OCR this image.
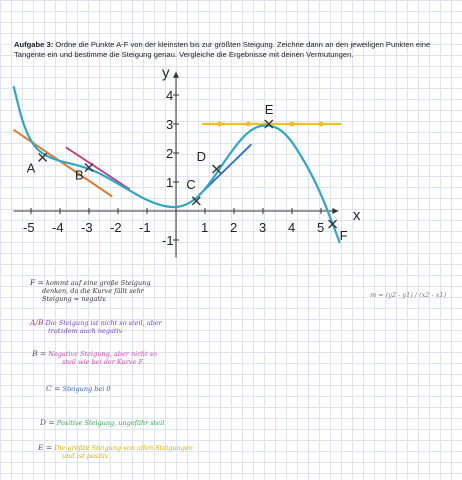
Aufgabe 3: Ordne die Punkte A-F von der kleinsten bis zur größten Steigung. Zeichne dann an den jeweiligen Punkten eine Tangente ein und bestimme die Steigung genau. Vergleiche die Ergebnisse mit deinen Vermutungen.
x
y
-5 -4 -3 -2 -1	1 2 3 4 5
4
3
2
1
-1
A	B
C
D
E
F
m = (y2 - y1) / (x2 - x1)
F = kommt auf eine große Steigung
denken, da die Kurve fällt sehr
Steigung = negativ.
A/B Die Steigung ist nicht so steil, aber
trotzdem auch negativ
B = Negative Steigung, aber nicht so
steil wie bei der Kurve F.
C = Steigung bei 0
D = Positive Steigung, ungefähr steil
E = Die größte Steigung von allen Steigungen
und ist positiv
